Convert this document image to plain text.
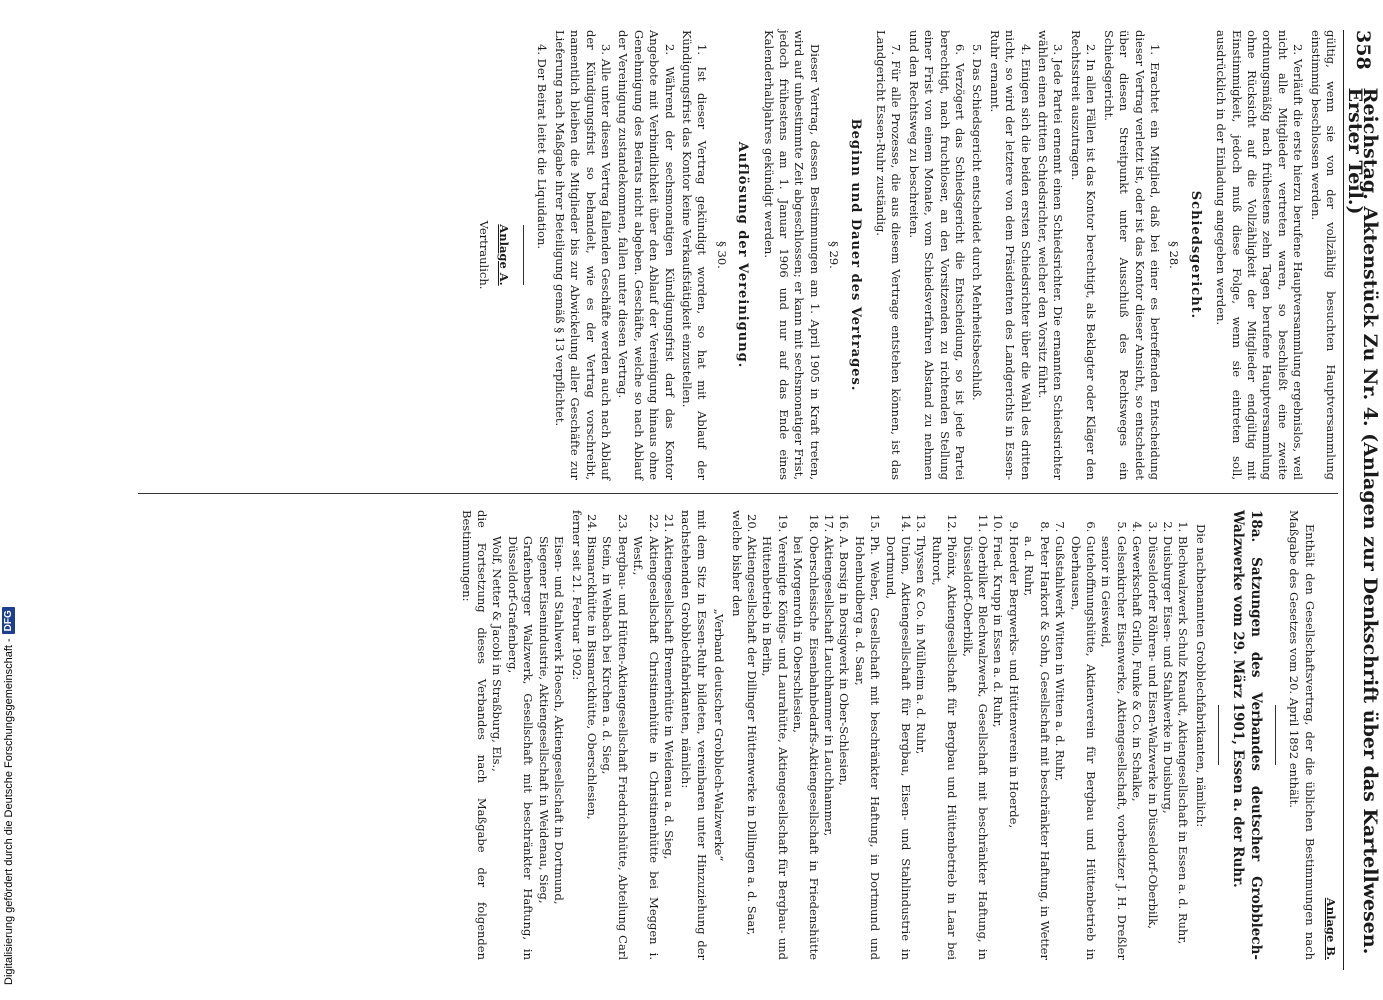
Digitalisierung gefördert durch die Deutsche Forschungsgemeinschaft -
DFG
358
Reichstag. Aktenstück Zu Nr. 4. (Anlagen zur Denkschrift über das Kartellwesen. Erster Teil.)

gültig, wenn sie von der vollzählig besuchten Hauptversammlung einstimmig beschlossen werden.

2. Verläuft die erste hierzu berufene Hauptversammlung ergebnislos, weil nicht alle Mitglieder vertreten waren, so beschließt eine zweite ordnungsmäßig nach frühestens zehn Tagen berufene Hauptversammlung ohne Rücksicht auf die Vollzähligkeit der Mitglieder endgültig mit Einstimmigkeit, jedoch muß diese Folge, wenn sie eintreten soll, ausdrücklich in der Einladung angegeben werden.

Schiedsgericht.
§ 28.

1. Erachtet ein Mitglied, daß bei einer es betreffenden Entscheidung dieser Vertrag verletzt ist, oder ist das Kontor dieser Ansicht, so entscheidet über diesen Streitpunkt unter Ausschluß des Rechtsweges ein Schiedsgericht.

2. In allen Fällen ist das Kontor berechtigt, als Beklagter oder Kläger den Rechtsstreit auszutragen.

3. Jede Partei ernennt einen Schiedsrichter. Die ernannten Schiedsrichter wählen einen dritten Schiedsrichter, welcher den Vorsitz führt.

4. Einigen sich die beiden ersten Schiedsrichter über die Wahl des dritten nicht, so wird der letztere von dem Präsidenten des Landgerichts in Essen-Ruhr ernannt.

5. Das Schiedsgericht entscheidet durch Mehrheitsbeschluß.

6. Verzögert das Schiedsgericht die Entscheidung, so ist jede Partei berechtigt, nach fruchtloser, an den Vorsitzenden zu richtenden Stellung einer Frist von einem Monate, vom Schiedsverfahren Abstand zu nehmen und den Rechtsweg zu beschreiten.

7. Für alle Prozesse, die aus diesem Vertrage entstehen können, ist das Landgericht Essen-Ruhr zuständig.

Beginn und Dauer des Vertrages.
§ 29.

Dieser Vertrag, dessen Bestimmungen am 1. April 1905 in Kraft treten, wird auf unbestimmte Zeit abgeschlossen; er kann mit sechsmonatiger Frist, jedoch frühestens am 1. Januar 1906 und nur auf das Ende eines Kalenderhalbjahres gekündigt werden.

Auflösung der Vereinigung.
§ 30.

1. Ist dieser Vertrag gekündigt worden, so hat mit Ablauf der Kündigungsfrist das Kontor keine Verkaufstätigkeit einzustellen.

2. Während der sechsmonatigen Kündigungsfrist darf das Kontor Angebote mit Verbindlichkeit über den Ablauf der Vereinigung hinaus ohne Genehmigung des Beirats nicht abgeben. Geschäfte, welche so nach Ablauf der Vereinigung zustandekommen, fallen unter diesen Vertrag.

3. Alle unter diesen Vertrag fallenden Geschäfte werden auch nach Ablauf der Kündigungsfrist so behandelt, wie es der Vertrag vorschreibt, namentlich bleiben die Mitglieder bis zur Abwickelung aller Geschäfte zur Lieferung nach Maßgabe ihrer Beteiligung gemäß § 13 verpflichtet.

4. Der Beirat leitet die Liquidation.

Anlage A.
Vertraulich.
Anlage B.

Enthält den Gesellschaftsvertrag, der die üblichen Bestimmungen nach Maßgabe des Gesetzes vom 20. April 1892 enthält.

18a. Satzungen des Verbandes deutscher Grobblech-Walzwerke vom 29. März 1901, Essen a. der Ruhr.

Die nachbenannten Grobblechfabrikanten, nämlich:

1. Blechwalzwerk Schulz Knaudt, Aktiengesellschaft in Essen a. d. Ruhr,
2. Duisburger Eisen- und Stahlwerke in Duisburg,
3. Düsseldorfer Röhren- und Eisen-Walzwerke in Düsseldorf-Oberbilk,
4. Gewerkschaft Grillo, Funke & Co. in Schalke,
5. Gelsenkircher Eisenwerke, Aktiengesellschaft, vorbesitzer J. H. Dreßler senior in Geisweid,
6. Gutehoffnungshütte, Aktienverein für Bergbau und Hüttenbetrieb in Oberhausen,
7. Gußstahlwerk Witten in Witten a. d. Ruhr,
8. Peter Harkort & Sohn, Gesellschaft mit beschränkter Haftung, in Wetter a. d. Ruhr,
9. Hoerder Bergwerks- und Hüttenverein in Hoerde,
10. Fried. Krupp in Essen a. d. Ruhr,
11. Oberbilker Blechwalzwerk, Gesellschaft mit beschränkter Haftung, in Düsseldorf-Oberbilk,
12. Phönix, Aktiengesellschaft für Bergbau und Hüttenbetrieb in Laar bei Ruhrort,
13. Thyssen & Co. in Mülheim a. d. Ruhr,
14. Union, Aktiengesellschaft für Bergbau, Eisen- und Stahlindustrie in Dortmund,
15. Ph. Weber, Gesellschaft mit beschränkter Haftung, in Dortmund und Hohenbudberg a. d. Saar,
16. A. Borsig in Borsigwerk in Ober-Schlesien,
17. Aktiengesellschaft Lauchhammer in Lauchhammer,
18. Oberschlesische Eisenbahnbedarfs-Aktiengesellschaft in Friedenshütte bei Morgenroth in Oberschlesien,
19. Vereinigte Königs- und Laurahütte, Aktiengesellschaft für Bergbau- und Hüttenbetrieb in Berlin,
20. Aktiengesellschaft der Dillinger Hüttenwerke in Dillingen a. d. Saar,

welche bisher den

„Verband deutscher Grobblech-Walzwerke“

mit dem Sitz in Essen-Ruhr bildeten, vereinbaren unter Hinzuziehung der nachstehenden Grobblechfabrikanten, nämlich:

21. Aktiengesellschaft Bremerhütte in Weidenau a. d. Sieg,
22. Aktiengesellschaft Christinenhütte in Christinenhütte bei Meggen i. Westf.,
23. Bergbau- und Hütten-Aktiengesellschaft Friedrichshütte, Abteilung Carl Stein, in Wehbach bei Kirchen a. d. Sieg,
24. Bismarckhütte in Bismarckhütte, Oberschlesien,

ferner seit 21. Februar 1902:

Eisen- und Stahlwerk Hoesch, Aktiengesellschaft in Dortmund,
Siegener Eisenindustrie, Aktiengesellschaft in Weidenau, Sieg,
Grafenberger Walzwerk, Gesellschaft mit beschränkter Haftung, in Düsseldorf-Grafenberg,
Wolf, Netter & Jacobi in Straßburg, Els.,

die Fortsetzung dieses Verbandes nach Maßgabe der folgenden Bestimmungen:
